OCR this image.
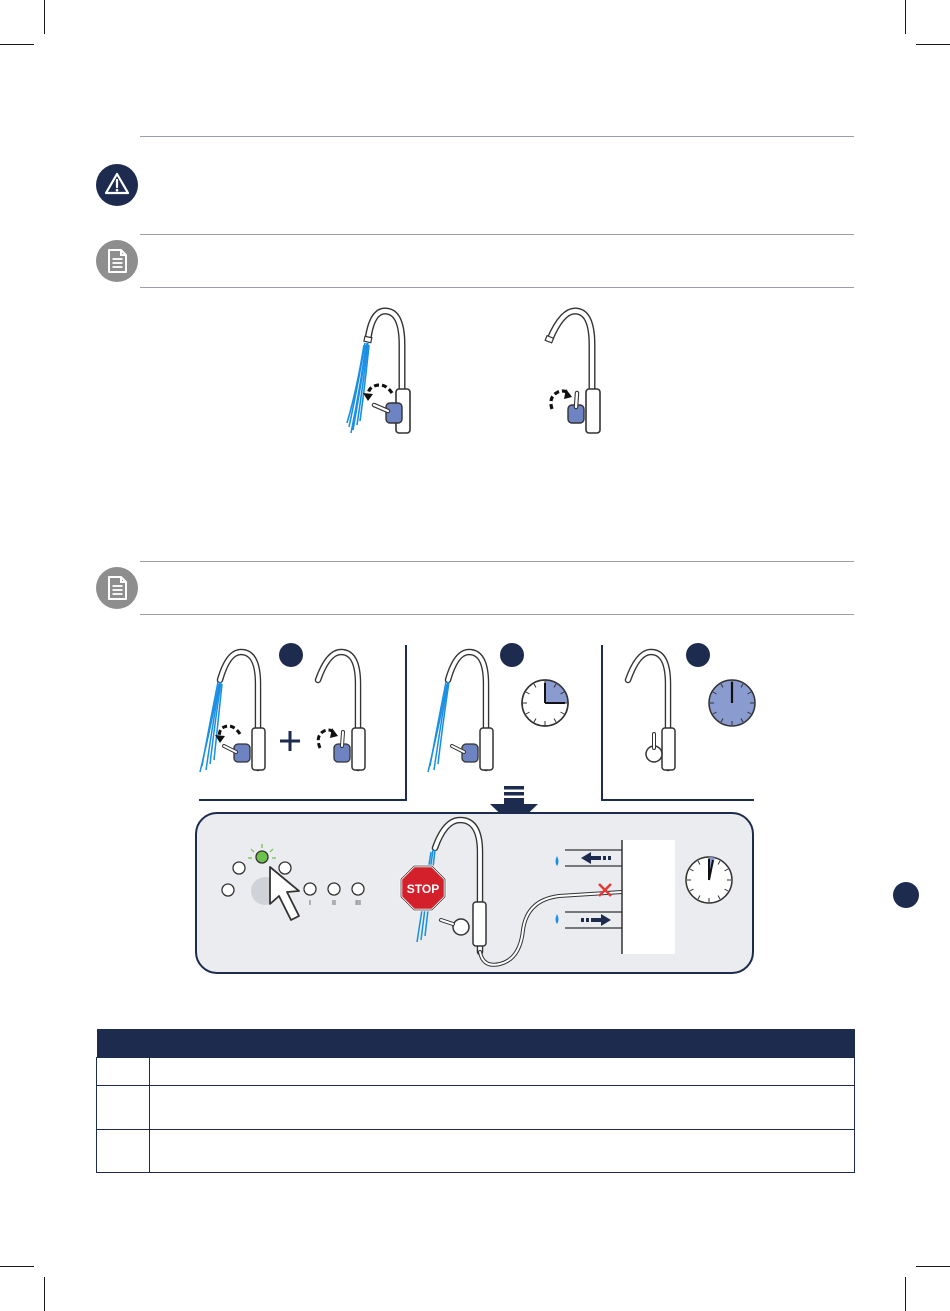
I	II	III
STOP
